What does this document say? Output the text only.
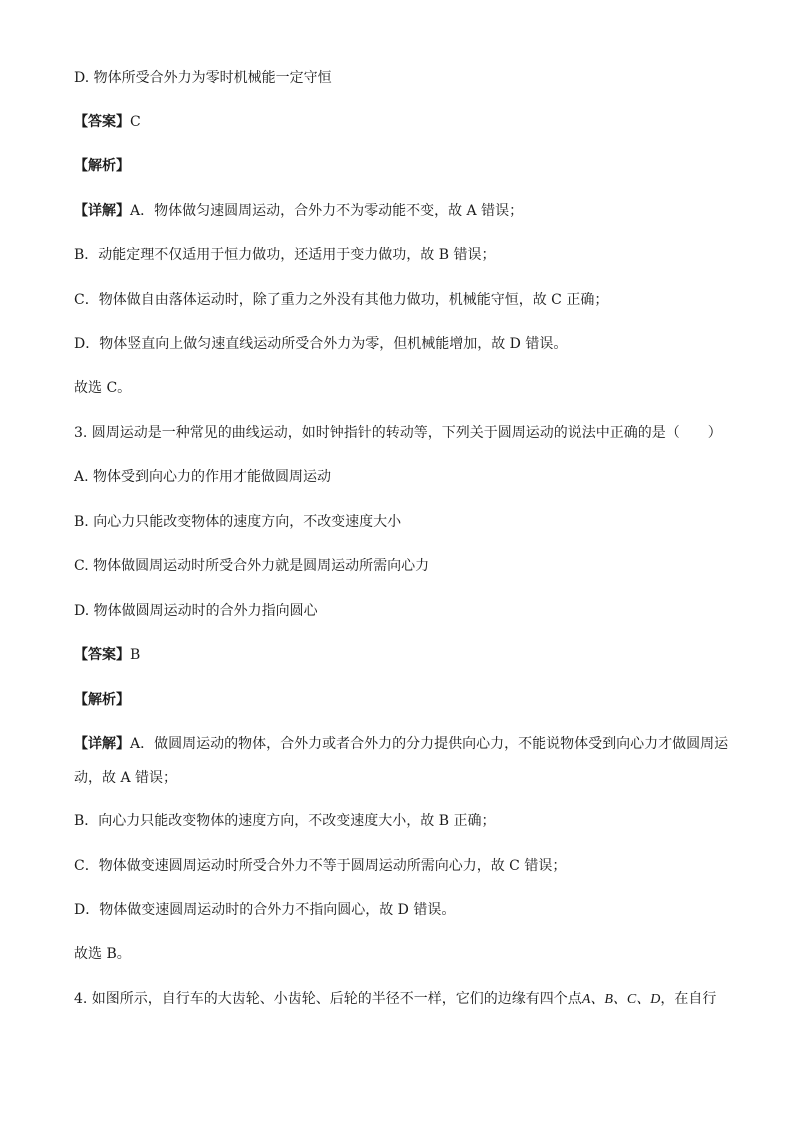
D. 物体所受合外力为零时机械能一定守恒
【答案】C
【解析】
【详解】A．物体做匀速圆周运动，合外力不为零动能不变，故 A 错误；
B．动能定理不仅适用于恒力做功，还适用于变力做功，故 B 错误；
C．物体做自由落体运动时，除了重力之外没有其他力做功，机械能守恒，故 C 正确；
D．物体竖直向上做匀速直线运动所受合外力为零，但机械能增加，故 D 错误。
故选 C。
3. 圆周运动是一种常见的曲线运动，如时钟指针的转动等，下列关于圆周运动的说法中正确的是（　　）
A. 物体受到向心力的作用才能做圆周运动
B. 向心力只能改变物体的速度方向，不改变速度大小
C. 物体做圆周运动时所受合外力就是圆周运动所需向心力
D. 物体做圆周运动时的合外力指向圆心
【答案】B
【解析】
【详解】A．做圆周运动的物体，合外力或者合外力的分力提供向心力，不能说物体受到向心力才做圆周运动，故 A 错误；
B．向心力只能改变物体的速度方向，不改变速度大小，故 B 正确；
C．物体做变速圆周运动时所受合外力不等于圆周运动所需向心力，故 C 错误；
D．物体做变速圆周运动时的合外力不指向圆心，故 D 错误。
故选 B。
4. 如图所示，自行车的大齿轮、小齿轮、后轮的半径不一样，它们的边缘有四个点A、B、C、D，在自行
